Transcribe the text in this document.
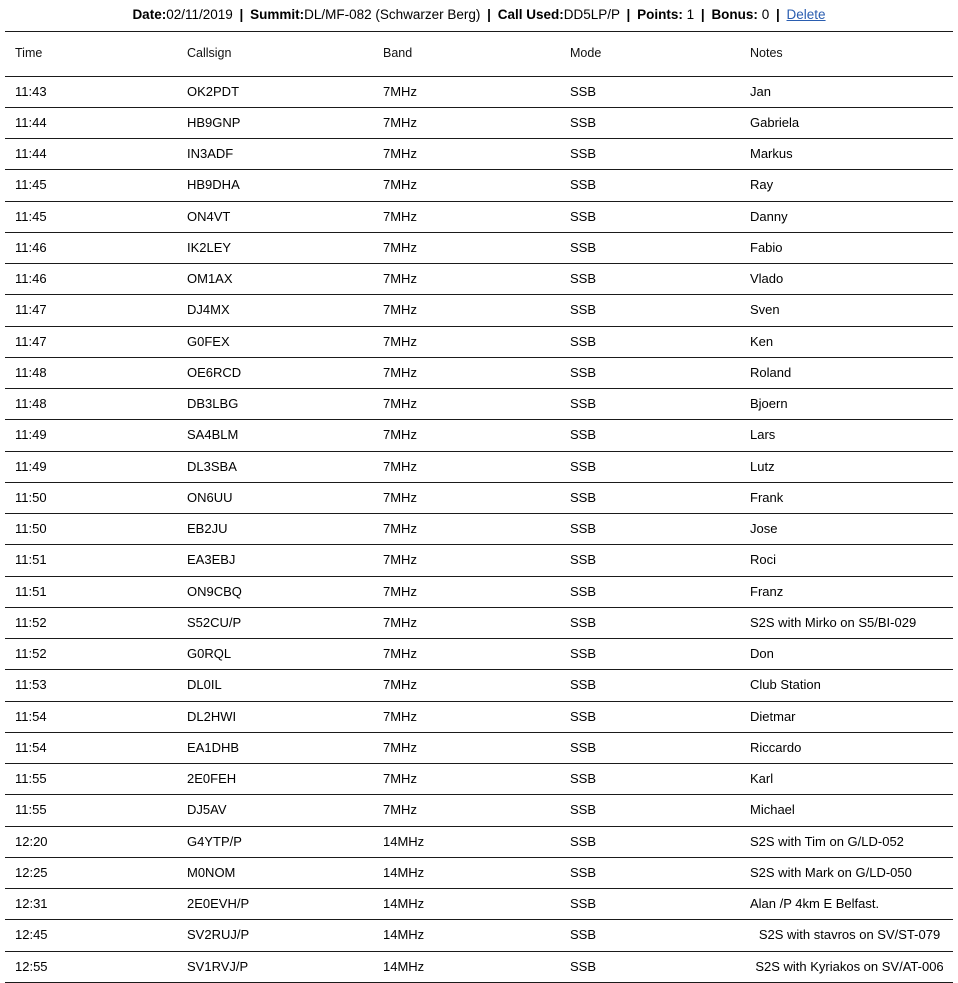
Date:02/11/2019 | Summit:DL/MF-082 (Schwarzer Berg) | Call Used:DD5LP/P | Points: 1 | Bonus: 0 | Delete
Time	Callsign	Band	Mode	Notes
11:43	OK2PDT	7MHz	SSB	Jan
11:44	HB9GNP	7MHz	SSB	Gabriela
11:44	IN3ADF	7MHz	SSB	Markus
11:45	HB9DHA	7MHz	SSB	Ray
11:45	ON4VT	7MHz	SSB	Danny
11:46	IK2LEY	7MHz	SSB	Fabio
11:46	OM1AX	7MHz	SSB	Vlado
11:47	DJ4MX	7MHz	SSB	Sven
11:47	G0FEX	7MHz	SSB	Ken
11:48	OE6RCD	7MHz	SSB	Roland
11:48	DB3LBG	7MHz	SSB	Bjoern
11:49	SA4BLM	7MHz	SSB	Lars
11:49	DL3SBA	7MHz	SSB	Lutz
11:50	ON6UU	7MHz	SSB	Frank
11:50	EB2JU	7MHz	SSB	Jose
11:51	EA3EBJ	7MHz	SSB	Roci
11:51	ON9CBQ	7MHz	SSB	Franz
11:52	S52CU/P	7MHz	SSB	S2S with Mirko on S5/BI-029
11:52	G0RQL	7MHz	SSB	Don
11:53	DL0IL	7MHz	SSB	Club Station
11:54	DL2HWI	7MHz	SSB	Dietmar
11:54	EA1DHB	7MHz	SSB	Riccardo
11:55	2E0FEH	7MHz	SSB	Karl
11:55	DJ5AV	7MHz	SSB	Michael
12:20	G4YTP/P	14MHz	SSB	S2S with Tim on G/LD-052
12:25	M0NOM	14MHz	SSB	S2S with Mark on G/LD-050
12:31	2E0EVH/P	14MHz	SSB	Alan /P 4km E Belfast.
12:45	SV2RUJ/P	14MHz	SSB	S2S with stavros on SV/ST-079
12:55	SV1RVJ/P	14MHz	SSB	S2S with Kyriakos on SV/AT-006
